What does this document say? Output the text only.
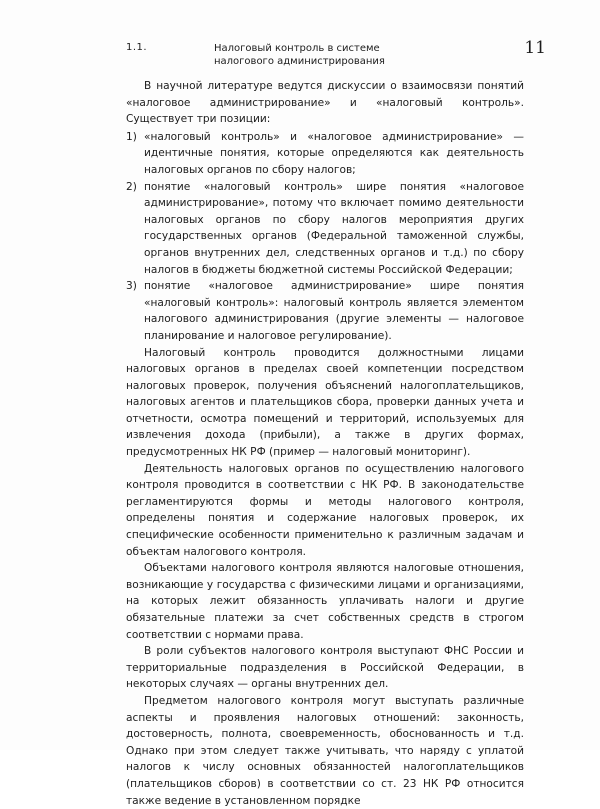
1.1.	Налоговый контроль в системе
налогового администрирования
11

В научной литературе ведутся дискуссии о взаимосвязи понятий «налоговое администрирование» и «налоговый контроль». Существует три позиции:

1) «налоговый контроль» и «налоговое администрирование» — идентичные понятия, которые определяются как деятельность налоговых органов по сбору налогов;
2) понятие «налоговый контроль» шире понятия «налоговое администрирование», потому что включает помимо деятельности налоговых органов по сбору налогов мероприятия других государственных органов (Федеральной таможенной службы, органов внутренних дел, следственных органов и т.д.) по сбору налогов в бюджеты бюджетной системы Российской Федерации;
3) понятие «налоговое администрирование» шире понятия «налоговый контроль»: налоговый контроль является элементом налогового администрирования (другие элементы — налоговое планирование и налоговое регулирование).

Налоговый контроль проводится должностными лицами налоговых органов в пределах своей компетенции посредством налоговых проверок, получения объяснений налогоплательщиков, налоговых агентов и плательщиков сбора, проверки данных учета и отчетности, осмотра помещений и территорий, используемых для извлечения дохода (прибыли), а также в других формах, предусмотренных НК РФ (пример — налоговый мониторинг).

Деятельность налоговых органов по осуществлению налогового контроля проводится в соответствии с НК РФ. В законодательстве регламентируются формы и методы налогового контроля, определены понятия и содержание налоговых проверок, их специфические особенности применительно к различным задачам и объектам налогового контроля.

Объектами налогового контроля являются налоговые отношения, возникающие у государства с физическими лицами и организациями, на которых лежит обязанность уплачивать налоги и другие обязательные платежи за счет собственных средств в строгом соответствии с нормами права.

В роли субъектов налогового контроля выступают ФНС России и территориальные подразделения в Российской Федерации, в некоторых случаях — органы внутренних дел.

Предметом налогового контроля могут выступать различные аспекты и проявления налоговых отношений: законность, достоверность, полнота, своевременность, обоснованность и т.д. Однако при этом следует также учитывать, что наряду с уплатой налогов к числу основных обязанностей налогоплательщиков (плательщиков сборов) в соответствии со ст. 23 НК РФ относится также ведение в установленном порядке
